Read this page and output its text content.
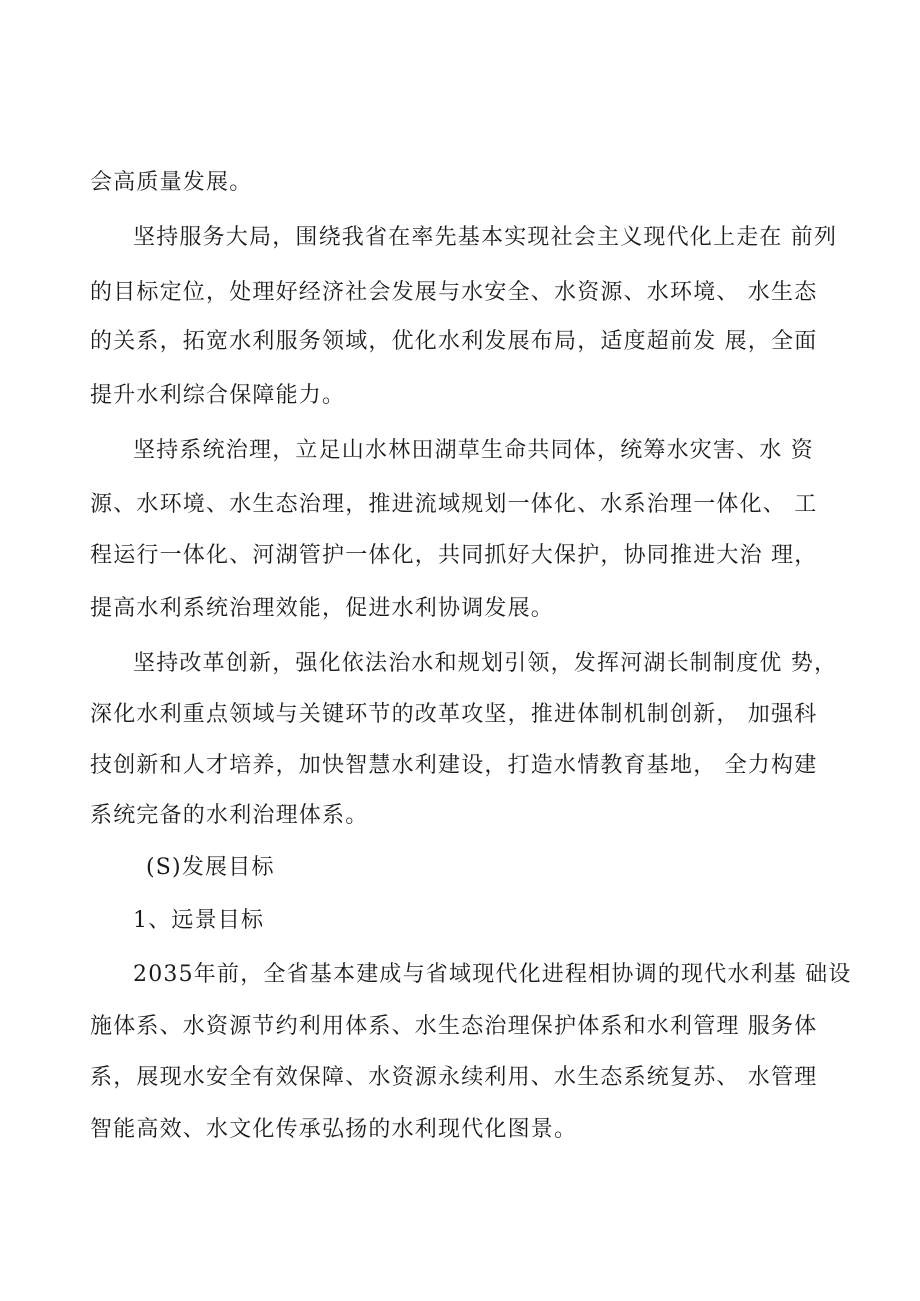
会高质量发展。
坚持服务大局，围绕我省在率先基本实现社会主义现代化上走在 前列
的目标定位，处理好经济社会发展与水安全、水资源、水环境、 水生态
的关系，拓宽水利服务领域，优化水利发展布局，适度超前发 展，全面
提升水利综合保障能力。
坚持系统治理，立足山水林田湖草生命共同体，统筹水灾害、水 资
源、水环境、水生态治理，推进流域规划一体化、水系治理一体化、 工
程运行一体化、河湖管护一体化，共同抓好大保护，协同推进大治 理，
提高水利系统治理效能，促进水利协调发展。
坚持改革创新，强化依法治水和规划引领，发挥河湖长制制度优 势，
深化水利重点领域与关键环节的改革攻坚，推进体制机制创新， 加强科
技创新和人才培养，加快智慧水利建设，打造水情教育基地， 全力构建
系统完备的水利治理体系。
(S)发展目标
1、远景目标
2035年前，全省基本建成与省域现代化进程相协调的现代水利基 础设
施体系、水资源节约利用体系、水生态治理保护体系和水利管理 服务体
系，展现水安全有效保障、水资源永续利用、水生态系统复苏、 水管理
智能高效、水文化传承弘扬的水利现代化图景。
